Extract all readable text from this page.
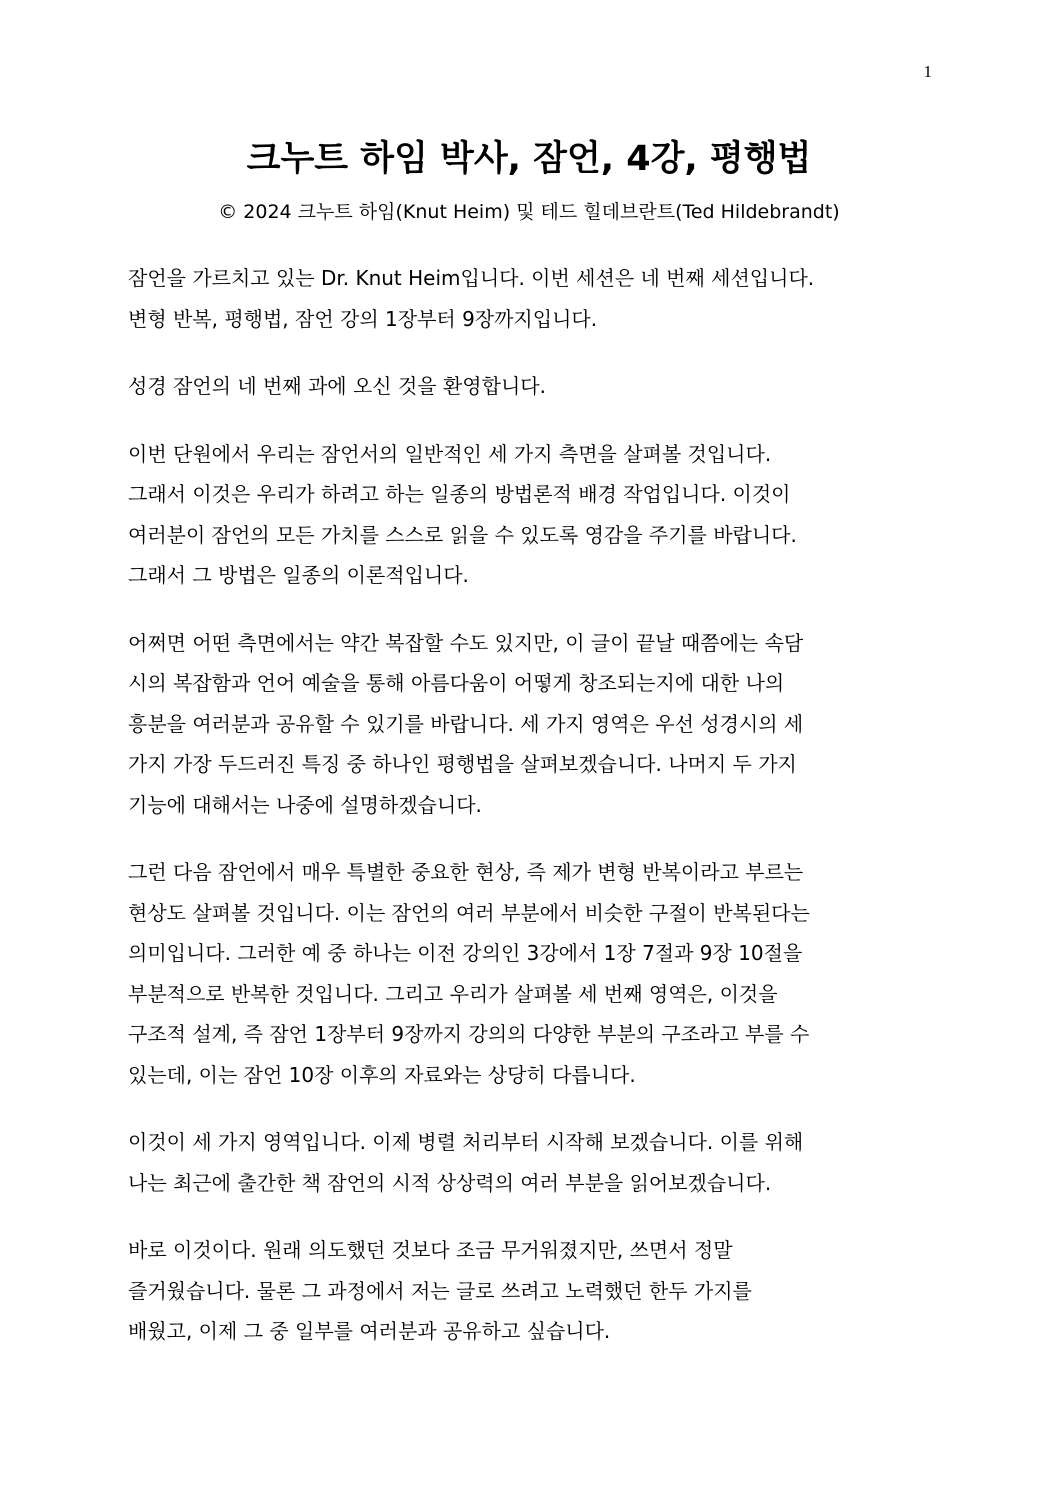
1
크누트 하임 박사, 잠언, 4강, 평행법
© 2024 크누트 하임(Knut Heim) 및 테드 힐데브란트(Ted Hildebrandt)

잠언을 가르치고 있는 Dr. Knut Heim입니다. 이번 세션은 네 번째 세션입니다.
변형 반복, 평행법, 잠언 강의 1장부터 9장까지입니다.

성경 잠언의 네 번째 과에 오신 것을 환영합니다.

이번 단원에서 우리는 잠언서의 일반적인 세 가지 측면을 살펴볼 것입니다.
그래서 이것은 우리가 하려고 하는 일종의 방법론적 배경 작업입니다. 이것이
여러분이 잠언의 모든 가치를 스스로 읽을 수 있도록 영감을 주기를 바랍니다.
그래서 그 방법은 일종의 이론적입니다.

어쩌면 어떤 측면에서는 약간 복잡할 수도 있지만, 이 글이 끝날 때쯤에는 속담
시의 복잡함과 언어 예술을 통해 아름다움이 어떻게 창조되는지에 대한 나의
흥분을 여러분과 공유할 수 있기를 바랍니다. 세 가지 영역은 우선 성경시의 세
가지 가장 두드러진 특징 중 하나인 평행법을 살펴보겠습니다. 나머지 두 가지
기능에 대해서는 나중에 설명하겠습니다.

그런 다음 잠언에서 매우 특별한 중요한 현상, 즉 제가 변형 반복이라고 부르는
현상도 살펴볼 것입니다. 이는 잠언의 여러 부분에서 비슷한 구절이 반복된다는
의미입니다. 그러한 예 중 하나는 이전 강의인 3강에서 1장 7절과 9장 10절을
부분적으로 반복한 것입니다. 그리고 우리가 살펴볼 세 번째 영역은, 이것을
구조적 설계, 즉 잠언 1장부터 9장까지 강의의 다양한 부분의 구조라고 부를 수
있는데, 이는 잠언 10장 이후의 자료와는 상당히 다릅니다.

이것이 세 가지 영역입니다. 이제 병렬 처리부터 시작해 보겠습니다. 이를 위해
나는 최근에 출간한 책 잠언의 시적 상상력의 여러 부분을 읽어보겠습니다.

바로 이것이다. 원래 의도했던 것보다 조금 무거워졌지만, 쓰면서 정말
즐거웠습니다. 물론 그 과정에서 저는 글로 쓰려고 노력했던 한두 가지를
배웠고, 이제 그 중 일부를 여러분과 공유하고 싶습니다.
